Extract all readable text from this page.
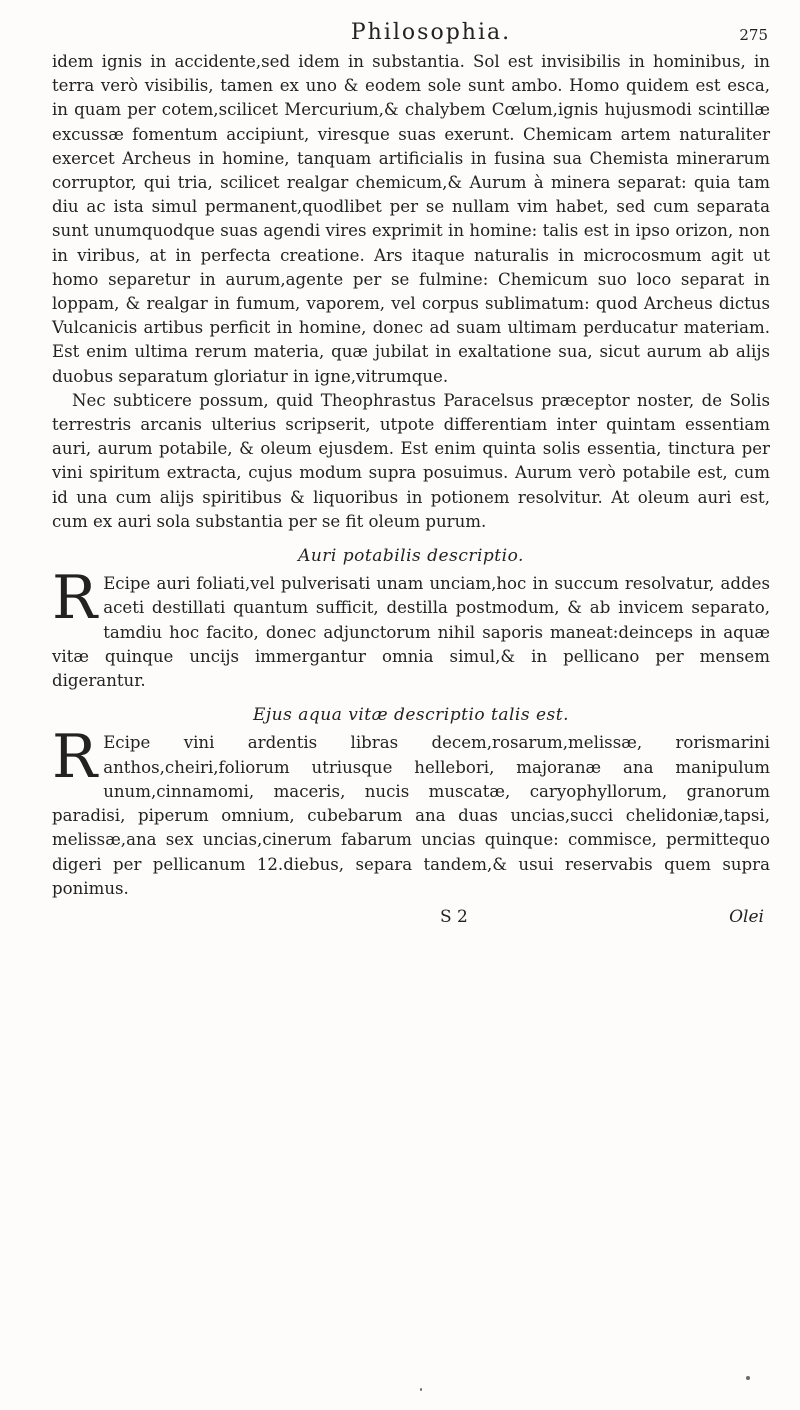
Philosophia.	275

idem ignis in accidente,sed idem in substantia. Sol est invisibilis in hominibus, in terra verò visibilis, tamen ex uno & eodem sole sunt ambo. Homo quidem est esca, in quam per cotem,scilicet Mercurium,& chalybem Cœlum,ignis hujusmodi scintillæ excussæ fomentum accipiunt, viresque suas exerunt. Chemicam artem naturaliter exercet Archeus in homine, tanquam artificialis in fusina sua Chemista minerarum corruptor, qui tria, scilicet realgar chemicum,& Aurum à minera separat: quia tam diu ac ista simul permanent,quodlibet per se nullam vim habet, sed cum separata sunt unumquodque suas agendi vires exprimit in homine: talis est in ipso orizon, non in viribus, at in perfecta creatione. Ars itaque naturalis in microcosmum agit ut homo separetur in aurum,agente per se fulmine: Chemicum suo loco separat in loppam, & realgar in fumum, vaporem, vel corpus sublimatum: quod Archeus dictus Vulcanicis artibus perficit in homine, donec ad suam ultimam perducatur materiam. Est enim ultima rerum materia, quæ jubilat in exaltatione sua, sicut aurum ab alijs duobus separatum gloriatur in igne,vitrumque.

Nec subticere possum, quid Theophrastus Paracelsus præceptor noster, de Solis terrestris arcanis ulterius scripserit, utpote differentiam inter quintam essentiam auri, aurum potabile, & oleum ejusdem. Est enim quinta solis essentia, tinctura per vini spiritum extracta, cujus modum supra posuimus. Aurum verò potabile est, cum id una cum alijs spiritibus & liquoribus in potionem resolvitur. At oleum auri est, cum ex auri sola substantia per se fit oleum purum.

Auri potabilis descriptio.

R Ecipe auri foliati,vel pulverisati unam unciam,hoc in succum resolvatur, addes aceti destillati quantum sufficit, destilla postmodum, & ab invicem separato, tamdiu hoc facito, donec adjunctorum nihil saporis maneat:deinceps in aquæ vitæ quinque uncijs immergantur omnia simul,& in pellicano per mensem digerantur.

Ejus aqua vitæ descriptio talis est.

R Ecipe vini ardentis libras decem,rosarum,melissæ, rorismarini anthos,cheiri,foliorum utriusque hellebori, majoranæ ana manipulum unum,cinnamomi, maceris, nucis muscatæ, caryophyllorum, granorum paradisi, piperum omnium, cubebarum ana duas uncias,succi chelidoniæ,tapsi, melissæ,ana sex uncias,cinerum fabarum uncias quinque: commisce, permittequo digeri per pellicanum 12.diebus, separa tandem,& usui reservabis quem supra ponimus.

S 2	Olei
